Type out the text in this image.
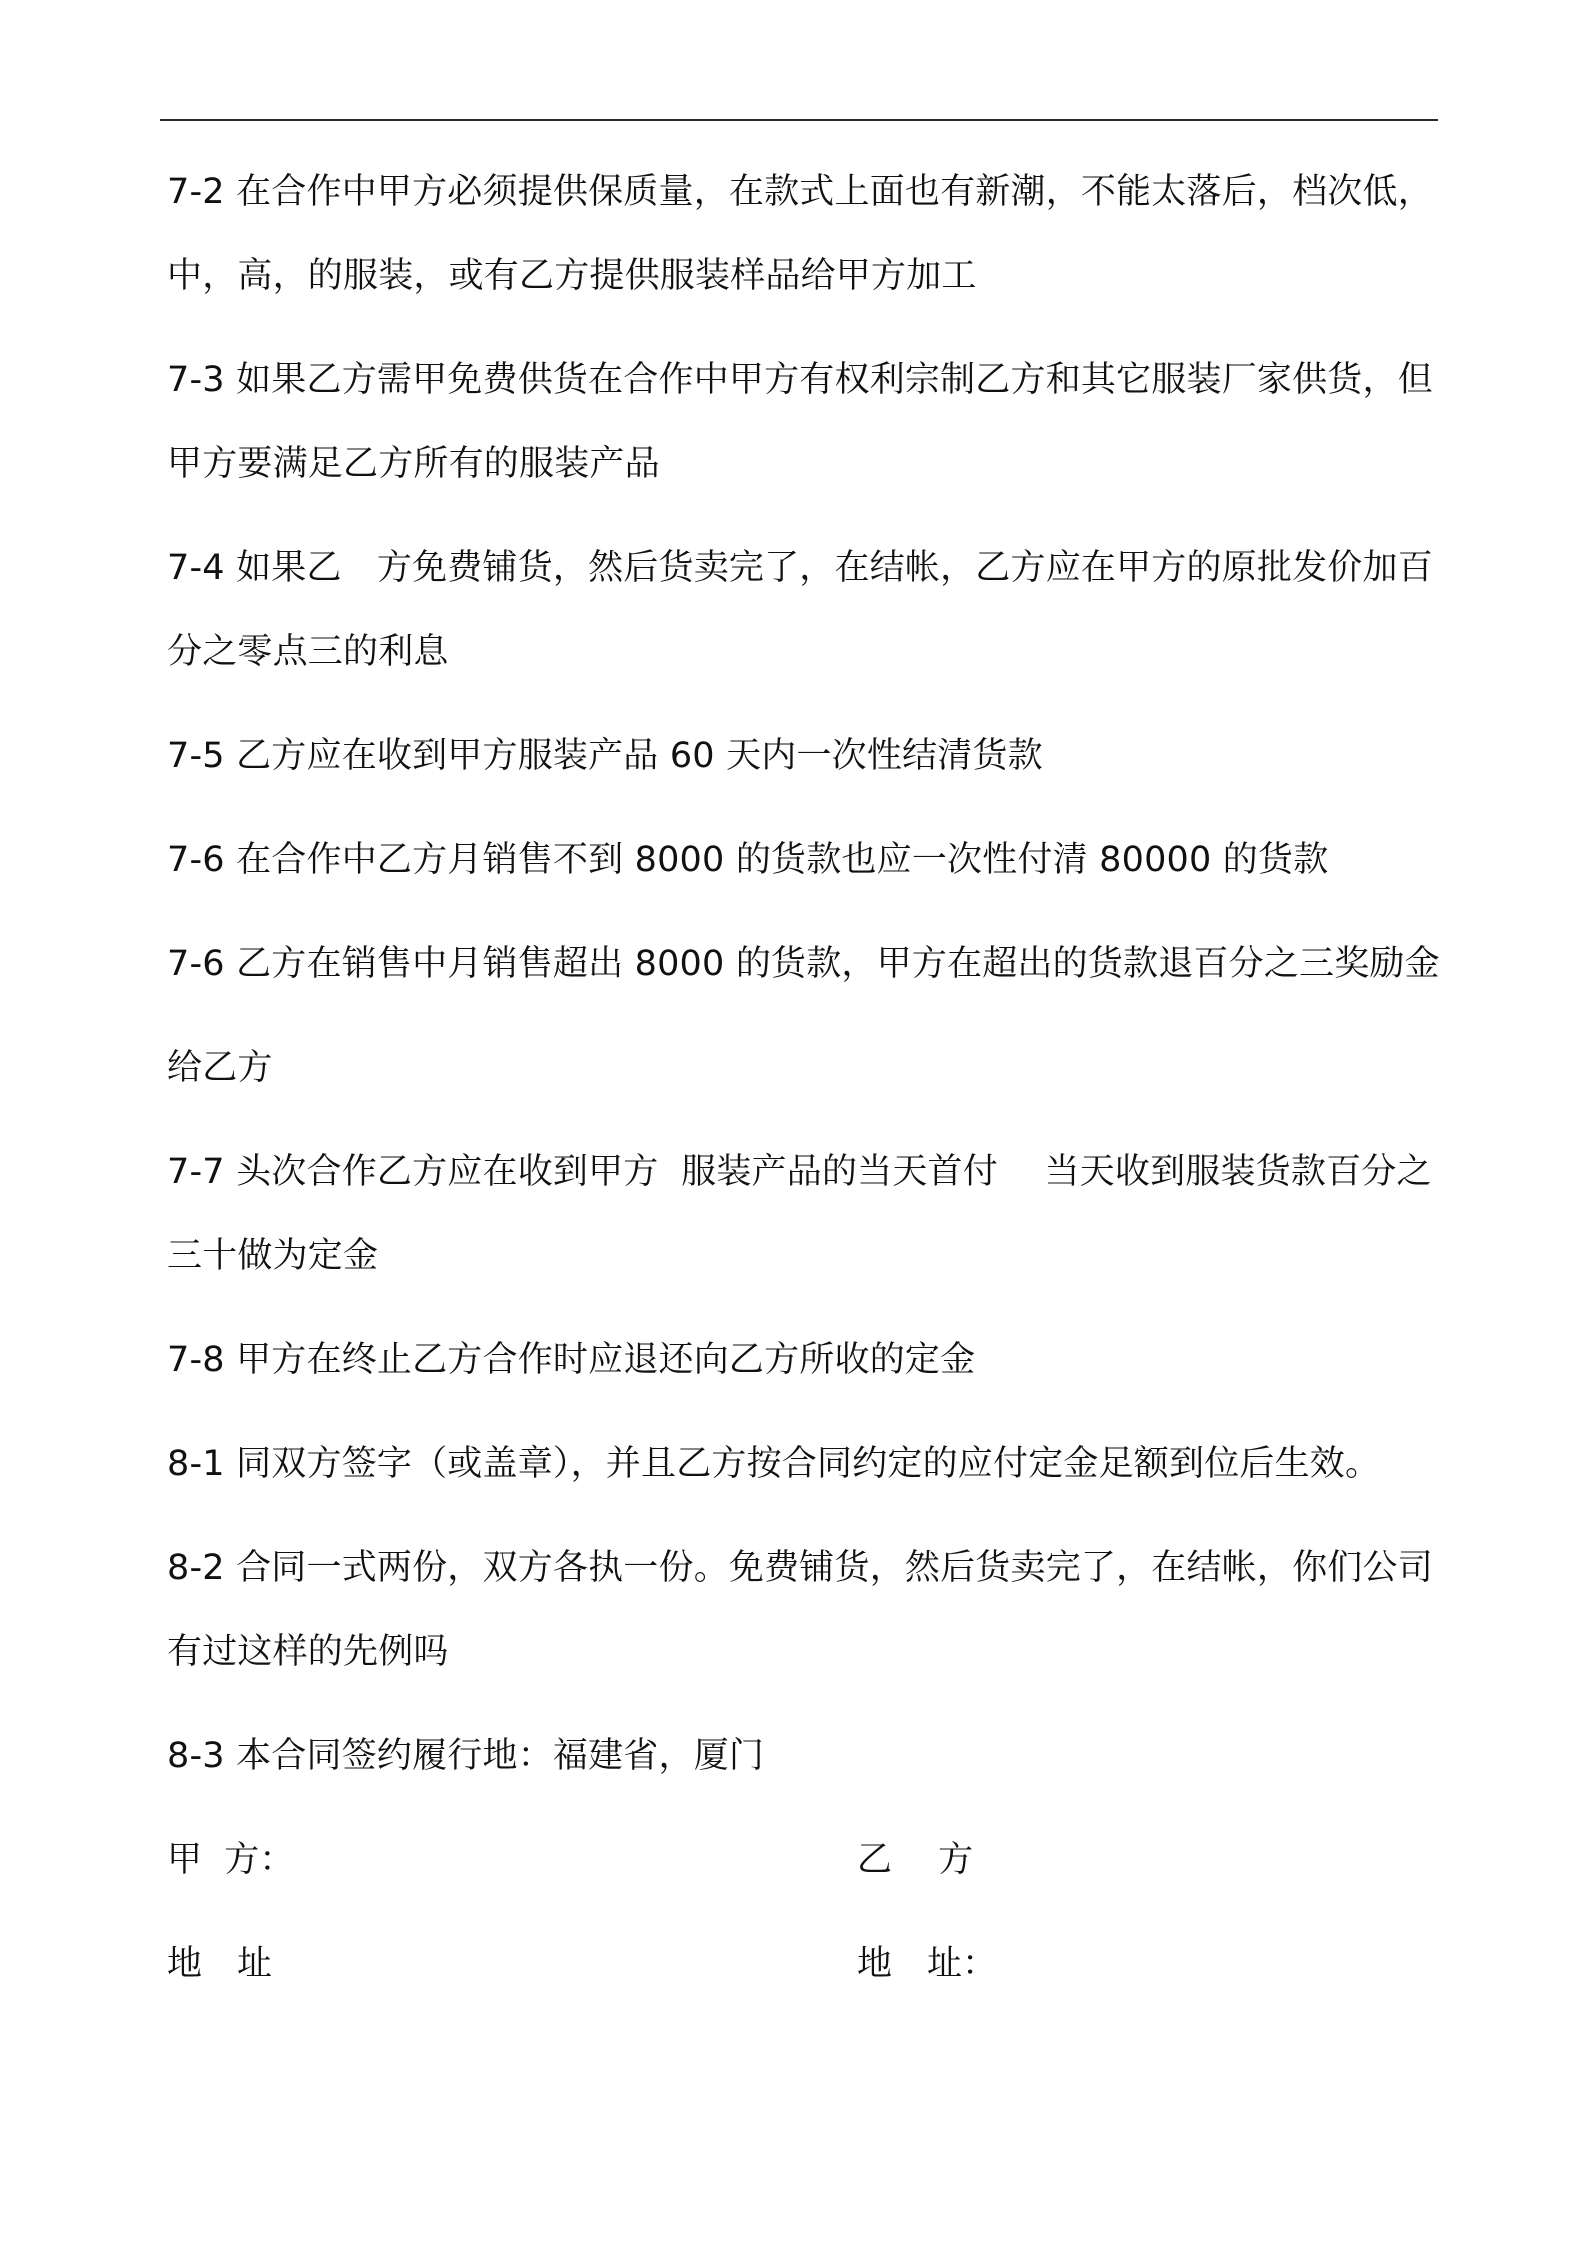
7-2 在合作中甲方必须提供保质量，在款式上面也有新潮，不能太落后，档次低，中，高，的服装，或有乙方提供服装样品给甲方加工

7-3 如果乙方需甲免费供货在合作中甲方有权利宗制乙方和其它服装厂家供货，但甲方要满足乙方所有的服装产品

7-4 如果乙　方免费铺货，然后货卖完了，在结帐，乙方应在甲方的原批发价加百分之零点三的利息

7-5 乙方应在收到甲方服装产品 60 天内一次性结清货款

7-6 在合作中乙方月销售不到 8000 的货款也应一次性付清 80000 的货款

7-6 乙方在销售中月销售超出 8000 的货款，甲方在超出的货款退百分之三奖励金

给乙方

7-7 头次合作乙方应在收到甲方  服装产品的当天首付　 当天收到服装货款百分之三十做为定金

7-8 甲方在终止乙方合作时应退还向乙方所收的定金

8-1 同双方签字（或盖章），并且乙方按合同约定的应付定金足额到位后生效。

8-2 合同一式两份，双方各执一份。免费铺货，然后货卖完了，在结帐，你们公司有过这样的先例吗

8-3 本合同签约履行地：福建省，厦门

甲  方：	乙　 方
地　址	地　址：
